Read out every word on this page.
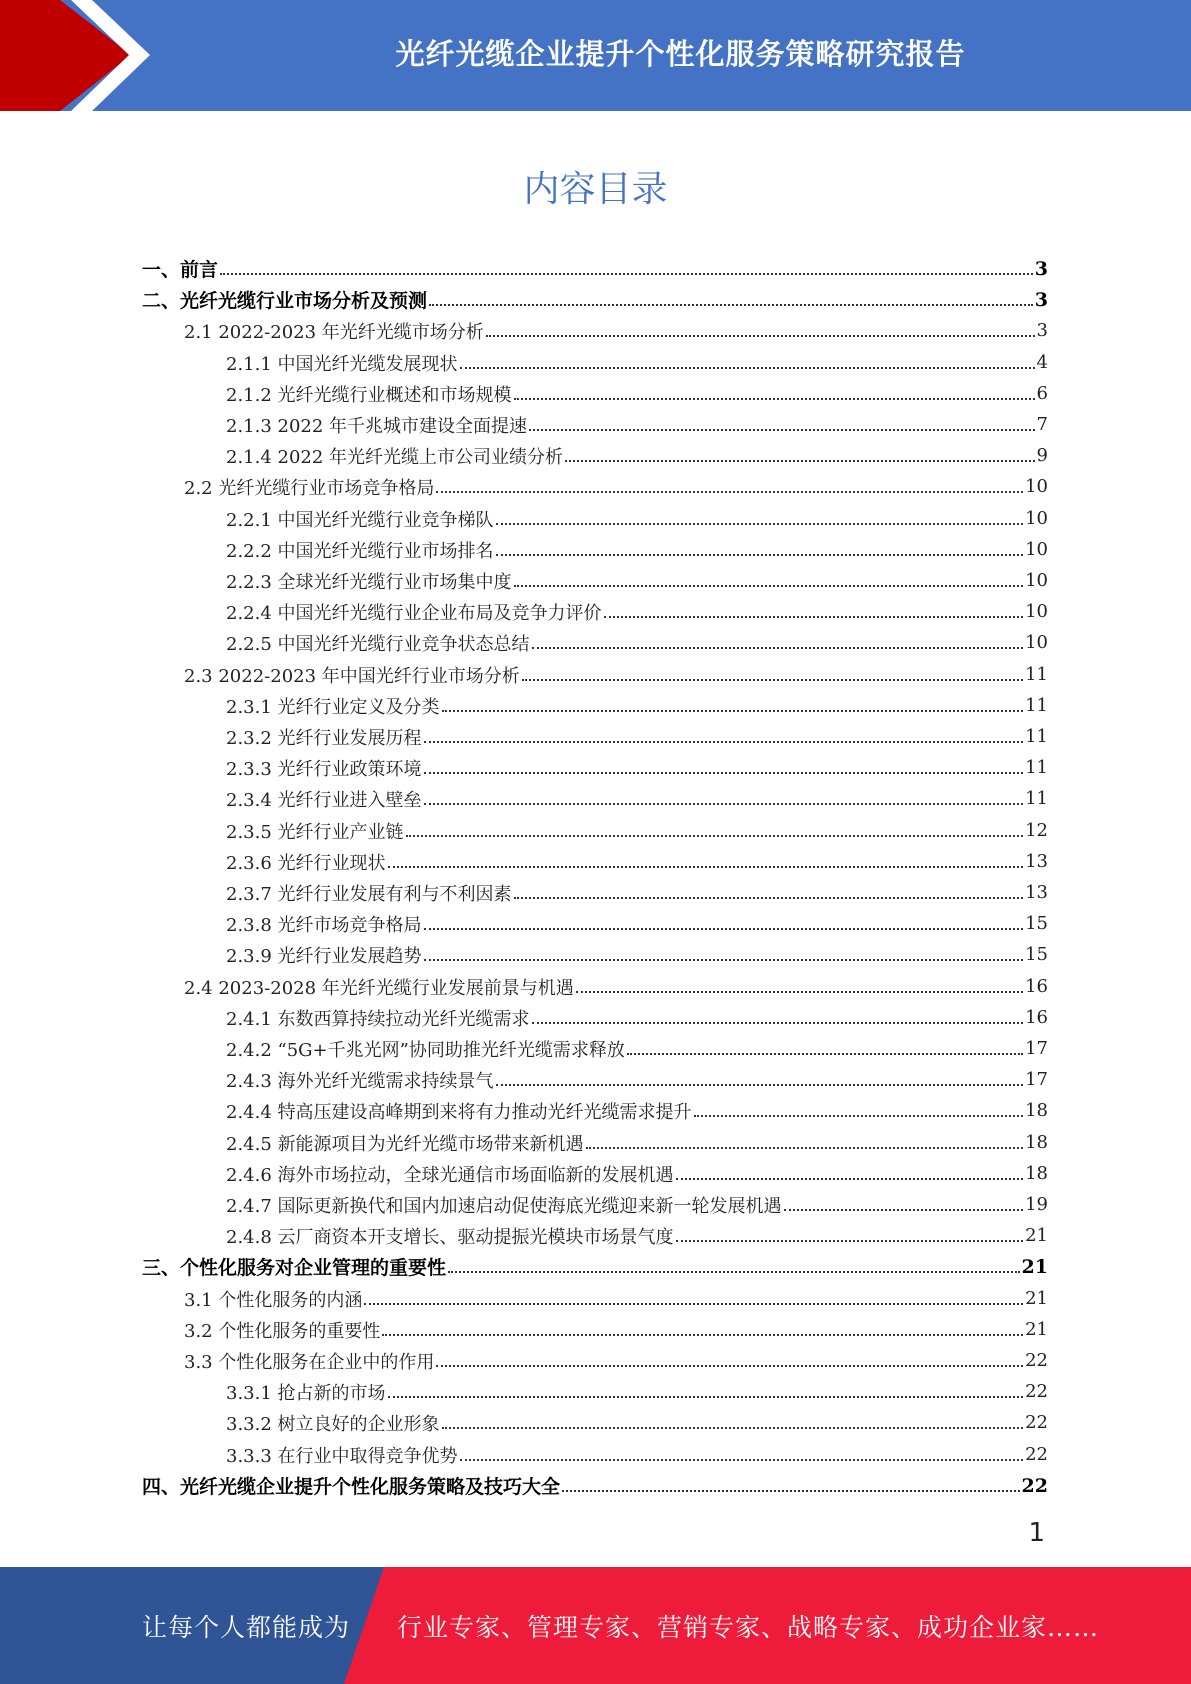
光纤光缆企业提升个性化服务策略研究报告
内容目录
一、前言	3
二、光纤光缆行业市场分析及预测	3
2.1 2022-2023 年光纤光缆市场分析	3
2.1.1 中国光纤光缆发展现状	4
2.1.2 光纤光缆行业概述和市场规模	6
2.1.3 2022 年千兆城市建设全面提速	7
2.1.4 2022 年光纤光缆上市公司业绩分析	9
2.2 光纤光缆行业市场竞争格局	10
2.2.1 中国光纤光缆行业竞争梯队	10
2.2.2 中国光纤光缆行业市场排名	10
2.2.3 全球光纤光缆行业市场集中度	10
2.2.4 中国光纤光缆行业企业布局及竞争力评价	10
2.2.5 中国光纤光缆行业竞争状态总结	10
2.3 2022-2023 年中国光纤行业市场分析	11
2.3.1 光纤行业定义及分类	11
2.3.2 光纤行业发展历程	11
2.3.3 光纤行业政策环境	11
2.3.4 光纤行业进入壁垒	11
2.3.5 光纤行业产业链	12
2.3.6 光纤行业现状	13
2.3.7 光纤行业发展有利与不利因素	13
2.3.8 光纤市场竞争格局	15
2.3.9 光纤行业发展趋势	15
2.4 2023-2028 年光纤光缆行业发展前景与机遇	16
2.4.1 东数西算持续拉动光纤光缆需求	16
2.4.2 “5G+千兆光网”协同助推光纤光缆需求释放	17
2.4.3 海外光纤光缆需求持续景气	17
2.4.4 特高压建设高峰期到来将有力推动光纤光缆需求提升	18
2.4.5 新能源项目为光纤光缆市场带来新机遇	18
2.4.6 海外市场拉动，全球光通信市场面临新的发展机遇	18
2.4.7 国际更新换代和国内加速启动促使海底光缆迎来新一轮发展机遇	19
2.4.8 云厂商资本开支增长、驱动提振光模块市场景气度	21
三、个性化服务对企业管理的重要性	21
3.1 个性化服务的内涵	21
3.2 个性化服务的重要性	21
3.3 个性化服务在企业中的作用	22
3.3.1 抢占新的市场	22
3.3.2 树立良好的企业形象	22
3.3.3 在行业中取得竞争优势	22
四、光纤光缆企业提升个性化服务策略及技巧大全	22
1
让每个人都能成为 行业专家、管理专家、营销专家、战略专家、成功企业家……
